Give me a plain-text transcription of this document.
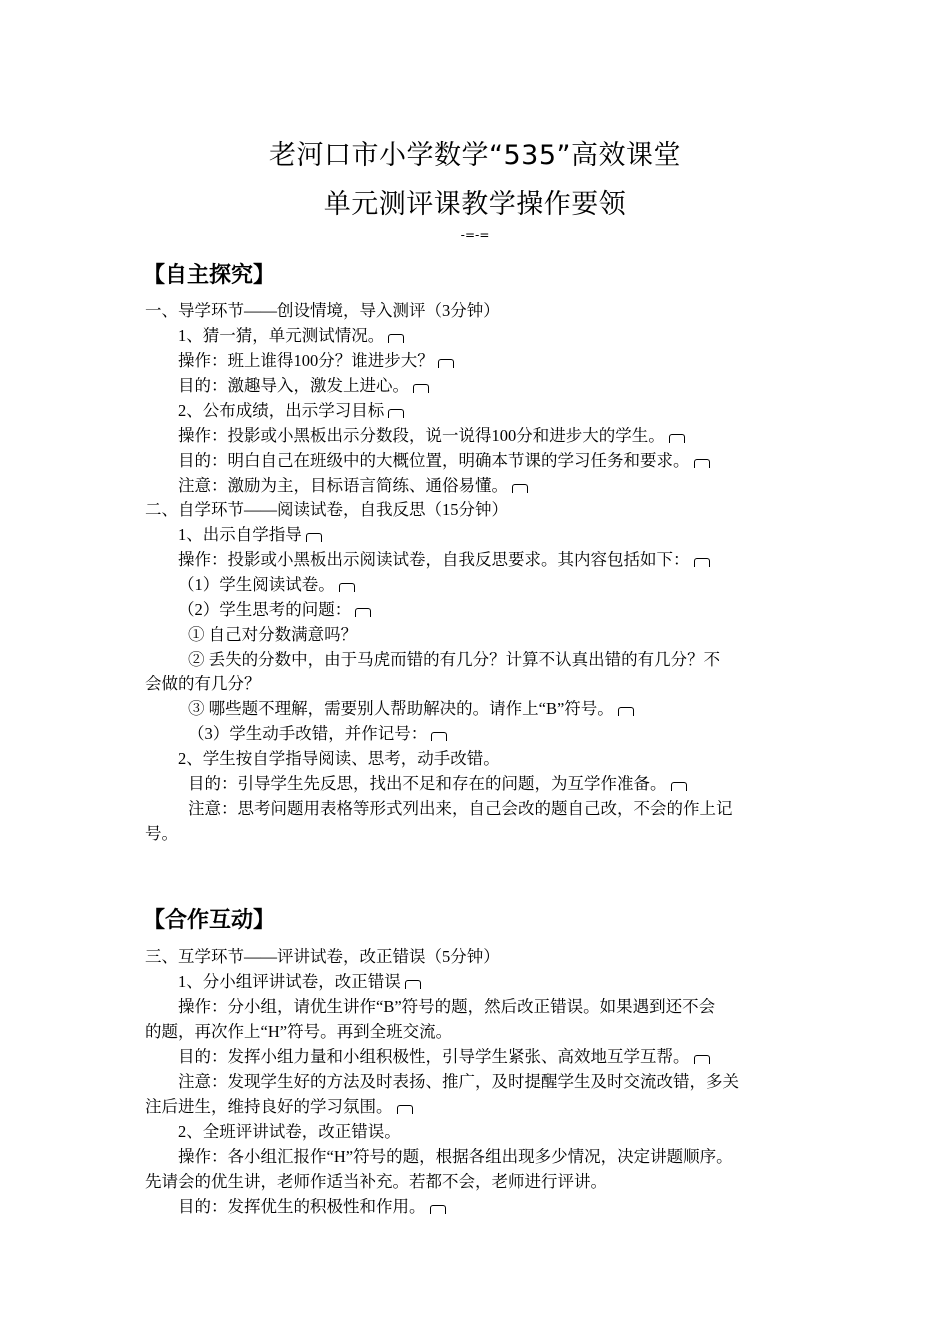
老河口市小学数学“535”高效课堂
单元测评课教学操作要领
-=-=
【自主探究】
一、导学环节——创设情境，导入测评（3分钟）
1、猜一猜，单元测试情况。
操作：班上谁得100分？谁进步大？
目的：激趣导入，激发上进心。
2、公布成绩，出示学习目标
操作：投影或小黑板出示分数段，说一说得100分和进步大的学生。
目的：明白自己在班级中的大概位置，明确本节课的学习任务和要求。
注意：激励为主，目标语言简练、通俗易懂。
二、自学环节——阅读试卷，自我反思（15分钟）
1、出示自学指导
操作：投影或小黑板出示阅读试卷，自我反思要求。其内容包括如下：
（1）学生阅读试卷。
（2）学生思考的问题：
① 自己对分数满意吗？
② 丢失的分数中，由于马虎而错的有几分？计算不认真出错的有几分？不
会做的有几分？
③ 哪些题不理解，需要别人帮助解决的。请作上“B”符号。
（3）学生动手改错，并作记号：
2、学生按自学指导阅读、思考，动手改错。
目的：引导学生先反思，找出不足和存在的问题，为互学作准备。
注意：思考问题用表格等形式列出来，自己会改的题自己改，不会的作上记
号。
【合作互动】
三、互学环节——评讲试卷，改正错误（5分钟）
1、分小组评讲试卷，改正错误
操作：分小组，请优生讲作“B”符号的题，然后改正错误。如果遇到还不会
的题，再次作上“H”符号。再到全班交流。
目的：发挥小组力量和小组积极性，引导学生紧张、高效地互学互帮。
注意：发现学生好的方法及时表扬、推广，及时提醒学生及时交流改错，多关
注后进生，维持良好的学习氛围。
2、全班评讲试卷，改正错误。
操作：各小组汇报作“H”符号的题，根据各组出现多少情况，决定讲题顺序。
先请会的优生讲，老师作适当补充。若都不会，老师进行评讲。
目的：发挥优生的积极性和作用。
